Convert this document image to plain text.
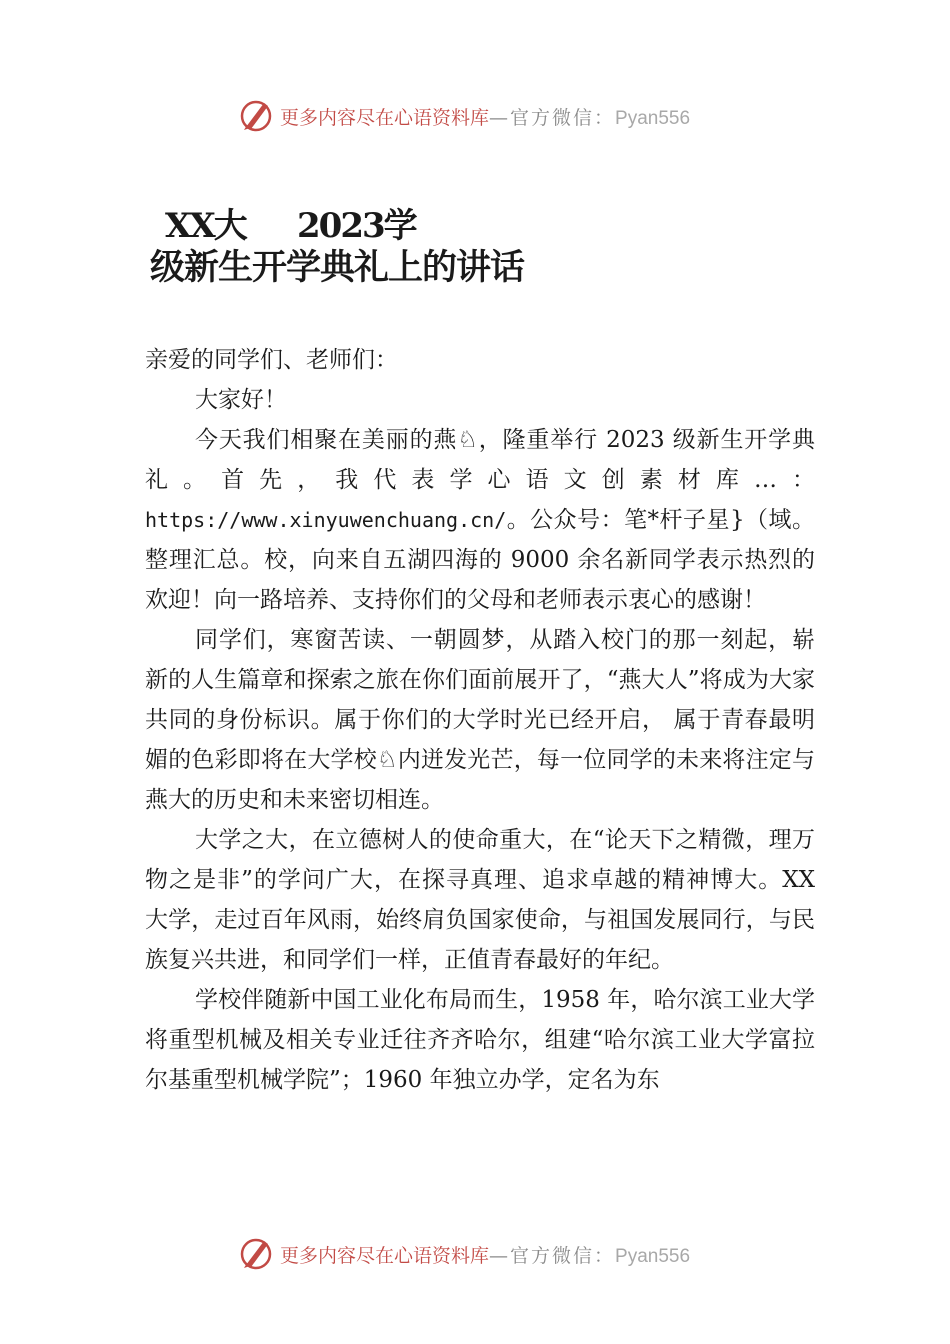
更多内容尽在心语资料库—官方微信：Pyan556
XX大 2023学
级新生开学典礼上的讲话

亲爱的同学们、老师们：

大家好！

今天我们相聚在美丽的燕♘，隆重举行 2023 级新生开学典礼。首先，我代表学心语文创素材库…：https://www.xinyuwenchuang.cn/。公众号：笔*杆子星}（域。整理汇总。校，向来自五湖四海的 9000 余名新同学表示热烈的欢迎！向一路培养、支持你们的父母和老师表示衷心的感谢！

同学们，寒窗苦读、一朝圆梦，从踏入校门的那一刻起，崭新的人生篇章和探索之旅在你们面前展开了，“燕大人”将成为大家共同的身份标识。属于你们的大学时光已经开启， 属于青春最明媚的色彩即将在大学校♘内迸发光芒，每一位同学的未来将注定与燕大的历史和未来密切相连。

大学之大，在立德树人的使命重大，在“论天下之精微，理万物之是非”的学问广大，在探寻真理、追求卓越的精神博大。XX 大学，走过百年风雨，始终肩负国家使命，与祖国发展同行，与民族复兴共进，和同学们一样，正值青春最好的年纪。

学校伴随新中国工业化布局而生，1958 年，哈尔滨工业大学将重型机械及相关专业迁往齐齐哈尔，组建“哈尔滨工业大学富拉尔基重型机械学院”；1960 年独立办学，定名为东

更多内容尽在心语资料库—官方微信：Pyan556
